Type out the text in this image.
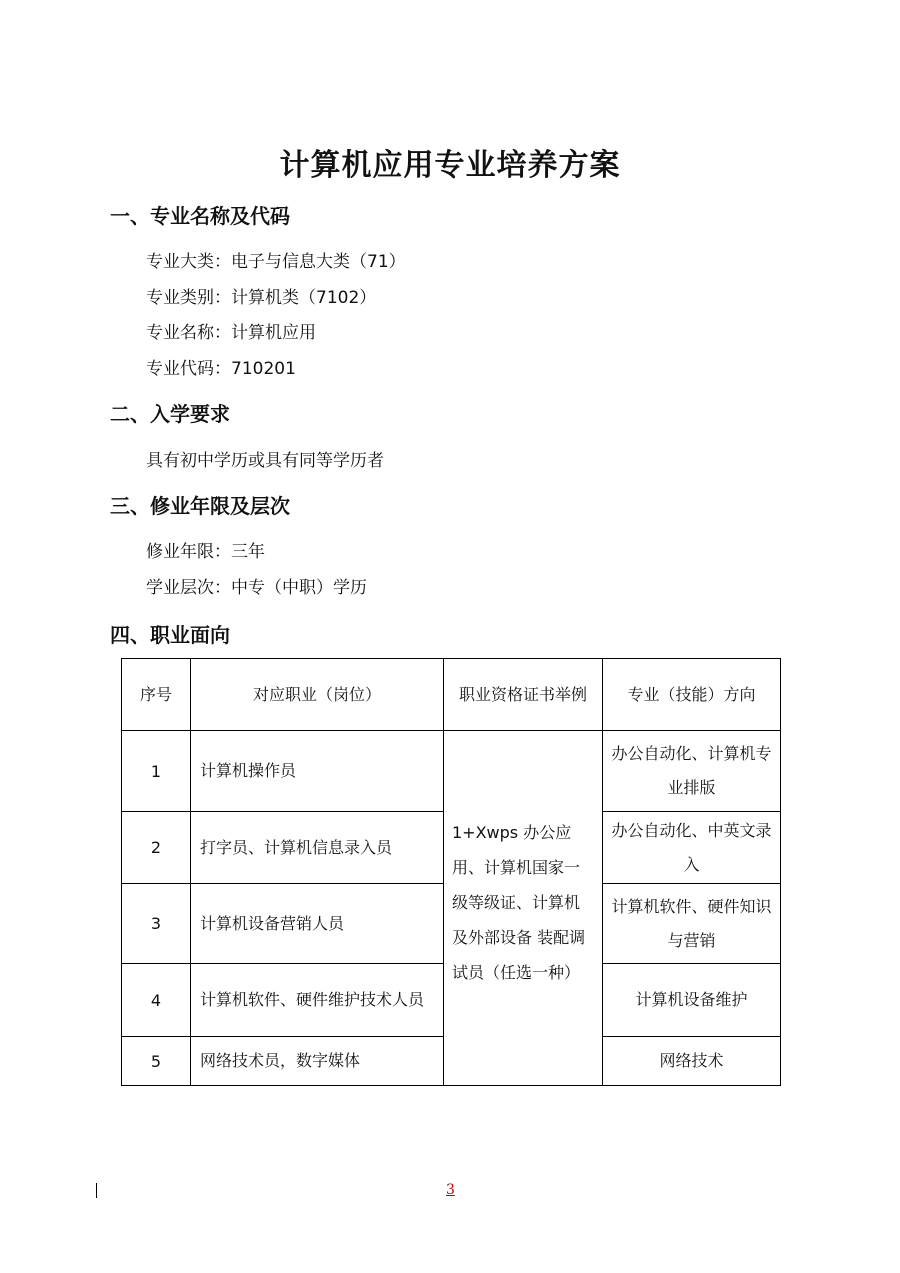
计算机应用专业培养方案
一、专业名称及代码
专业大类：电子与信息大类（71）
专业类别：计算机类（7102）
专业名称：计算机应用
专业代码：710201
二、入学要求
具有初中学历或具有同等学历者
三、修业年限及层次
修业年限：三年
学业层次：中专（中职）学历
四、职业面向
序号	对应职业（岗位）	职业资格证书举例	专业（技能）方向
1	计算机操作员	1+Xwps 办公应用、计算机国家一级等级证、计算机及外部设备 装配调试员（任选一种）	办公自动化、计算机专业排版
2	打字员、计算机信息录入员		办公自动化、中英文录入
3	计算机设备营销人员		计算机软件、硬件知识与营销
4	计算机软件、硬件维护技术人员		计算机设备维护
5	网络技术员，数字媒体		网络技术
3
